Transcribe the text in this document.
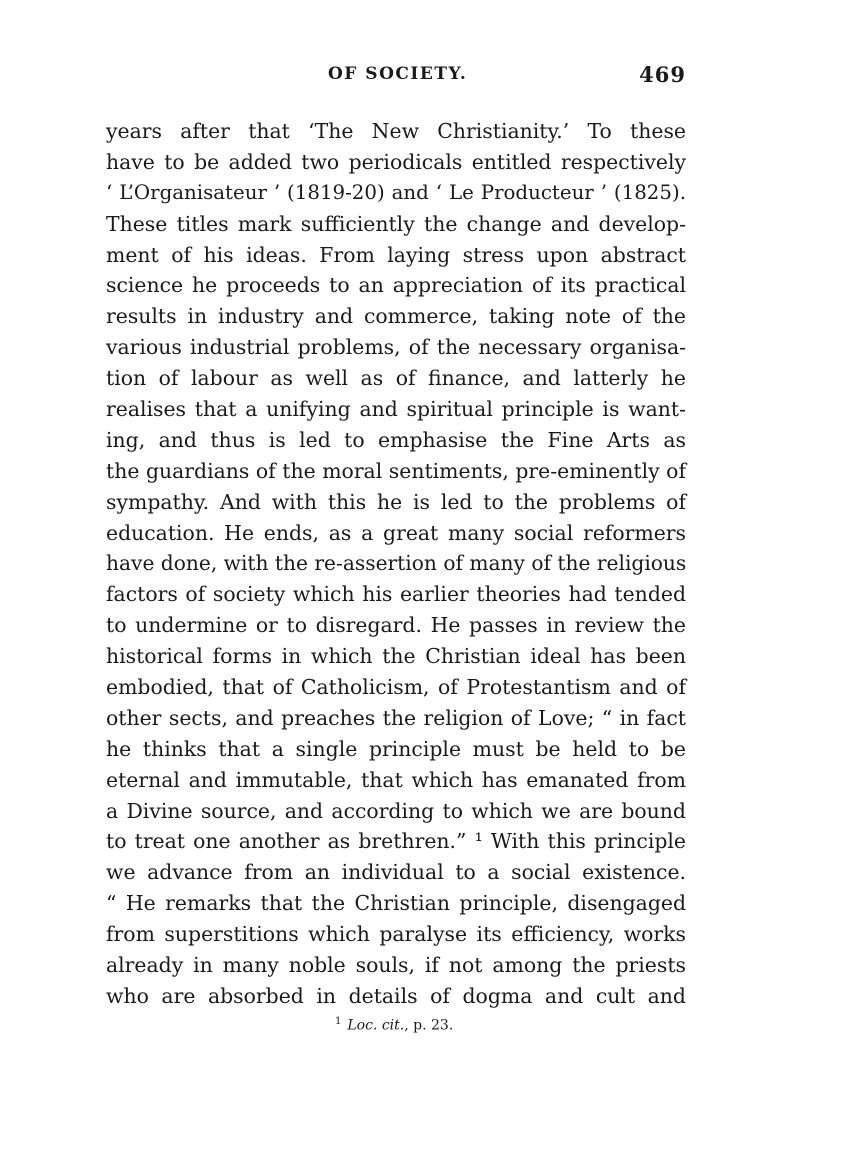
OF SOCIETY.	469
years after that ‘The New Christianity.’ To these
have to be added two periodicals entitled respectively
‘ L’Organisateur ’ (1819-20) and ‘ Le Producteur ’ (1825).
These titles mark sufficiently the change and develop-
ment of his ideas. From laying stress upon abstract
science he proceeds to an appreciation of its practical
results in industry and commerce, taking note of the
various industrial problems, of the necessary organisa-
tion of labour as well as of finance, and latterly he
realises that a unifying and spiritual principle is want-
ing, and thus is led to emphasise the Fine Arts as
the guardians of the moral sentiments, pre-eminently of
sympathy. And with this he is led to the problems of
education. He ends, as a great many social reformers
have done, with the re-assertion of many of the religious
factors of society which his earlier theories had tended
to undermine or to disregard. He passes in review the
historical forms in which the Christian ideal has been
embodied, that of Catholicism, of Protestantism and of
other sects, and preaches the religion of Love; “ in fact
he thinks that a single principle must be held to be
eternal and immutable, that which has emanated from
a Divine source, and according to which we are bound
to treat one another as brethren.” ¹ With this principle
we advance from an individual to a social existence.
“ He remarks that the Christian principle, disengaged
from superstitions which paralyse its efficiency, works
already in many noble souls, if not among the priests
who are absorbed in details of dogma and cult and
$^1$ Loc. cit., p. 23.
